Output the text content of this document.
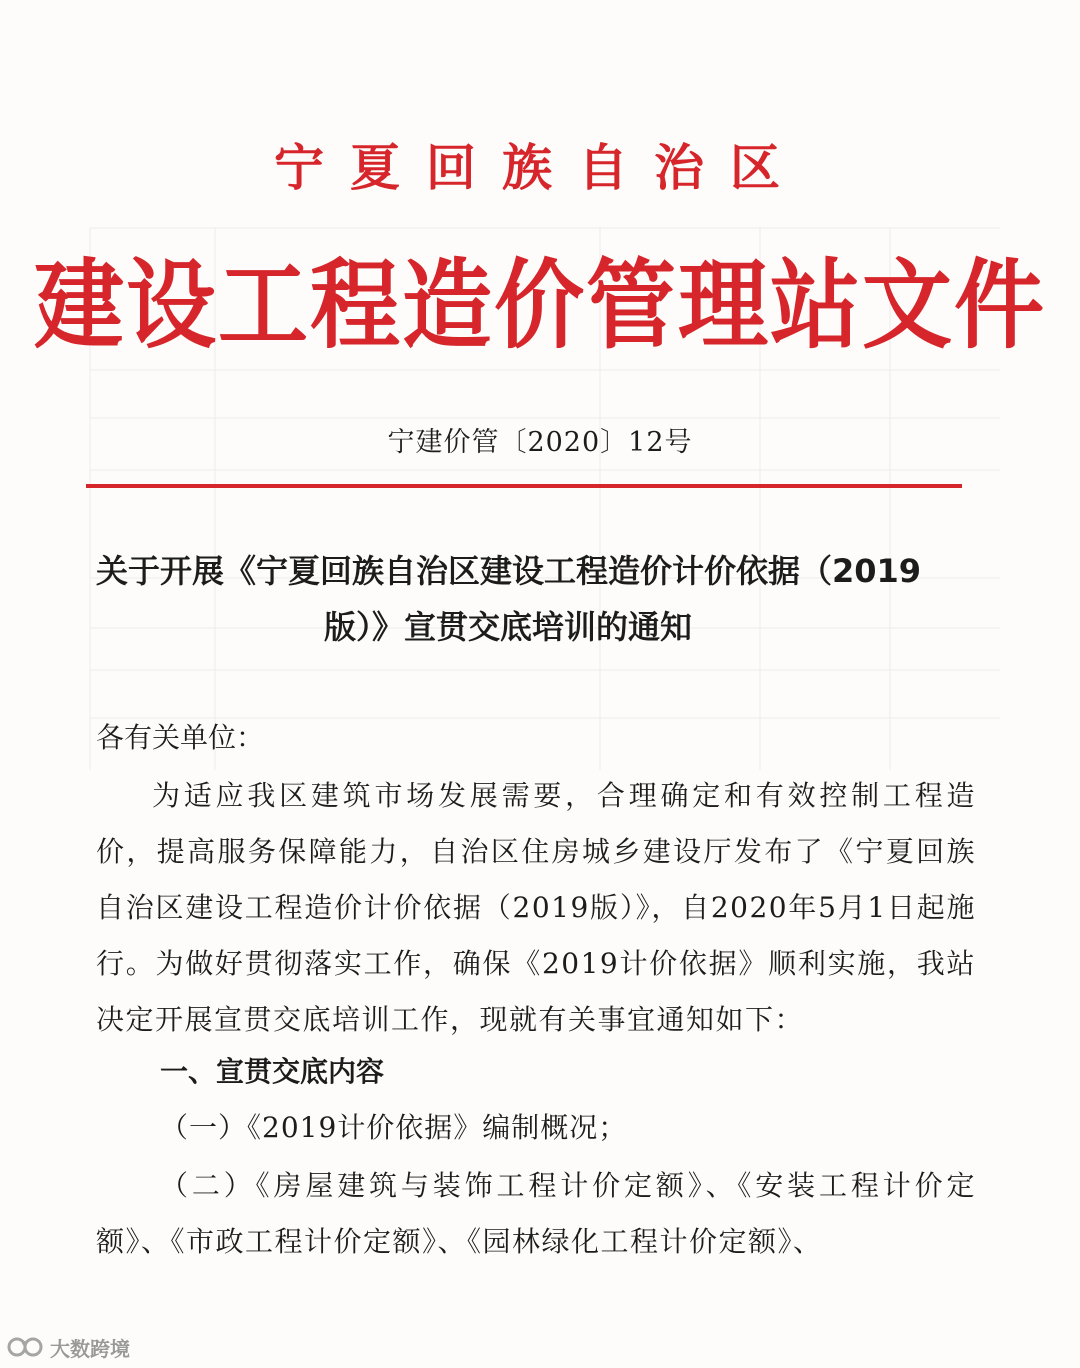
宁夏回族自治区
建设工程造价管理站文件
宁建价管〔2020〕12号
关于开展《宁夏回族自治区建设工程造价计价依据（2019
版）》宣贯交底培训的通知
各有关单位：
为适应我区建筑市场发展需要，合理确定和有效控制工程造价，提高服务保障能力，自治区住房城乡建设厅发布了《宁夏回族自治区建设工程造价计价依据（2019版）》，自2020年5月1日起施行。为做好贯彻落实工作，确保《2019计价依据》顺利实施，我站决定开展宣贯交底培训工作，现就有关事宜通知如下：
一、宣贯交底内容
（一）《2019计价依据》编制概况；
（二）《房屋建筑与装饰工程计价定额》、《安装工程计价定额》、《市政工程计价定额》、《园林绿化工程计价定额》、
大数跨境
